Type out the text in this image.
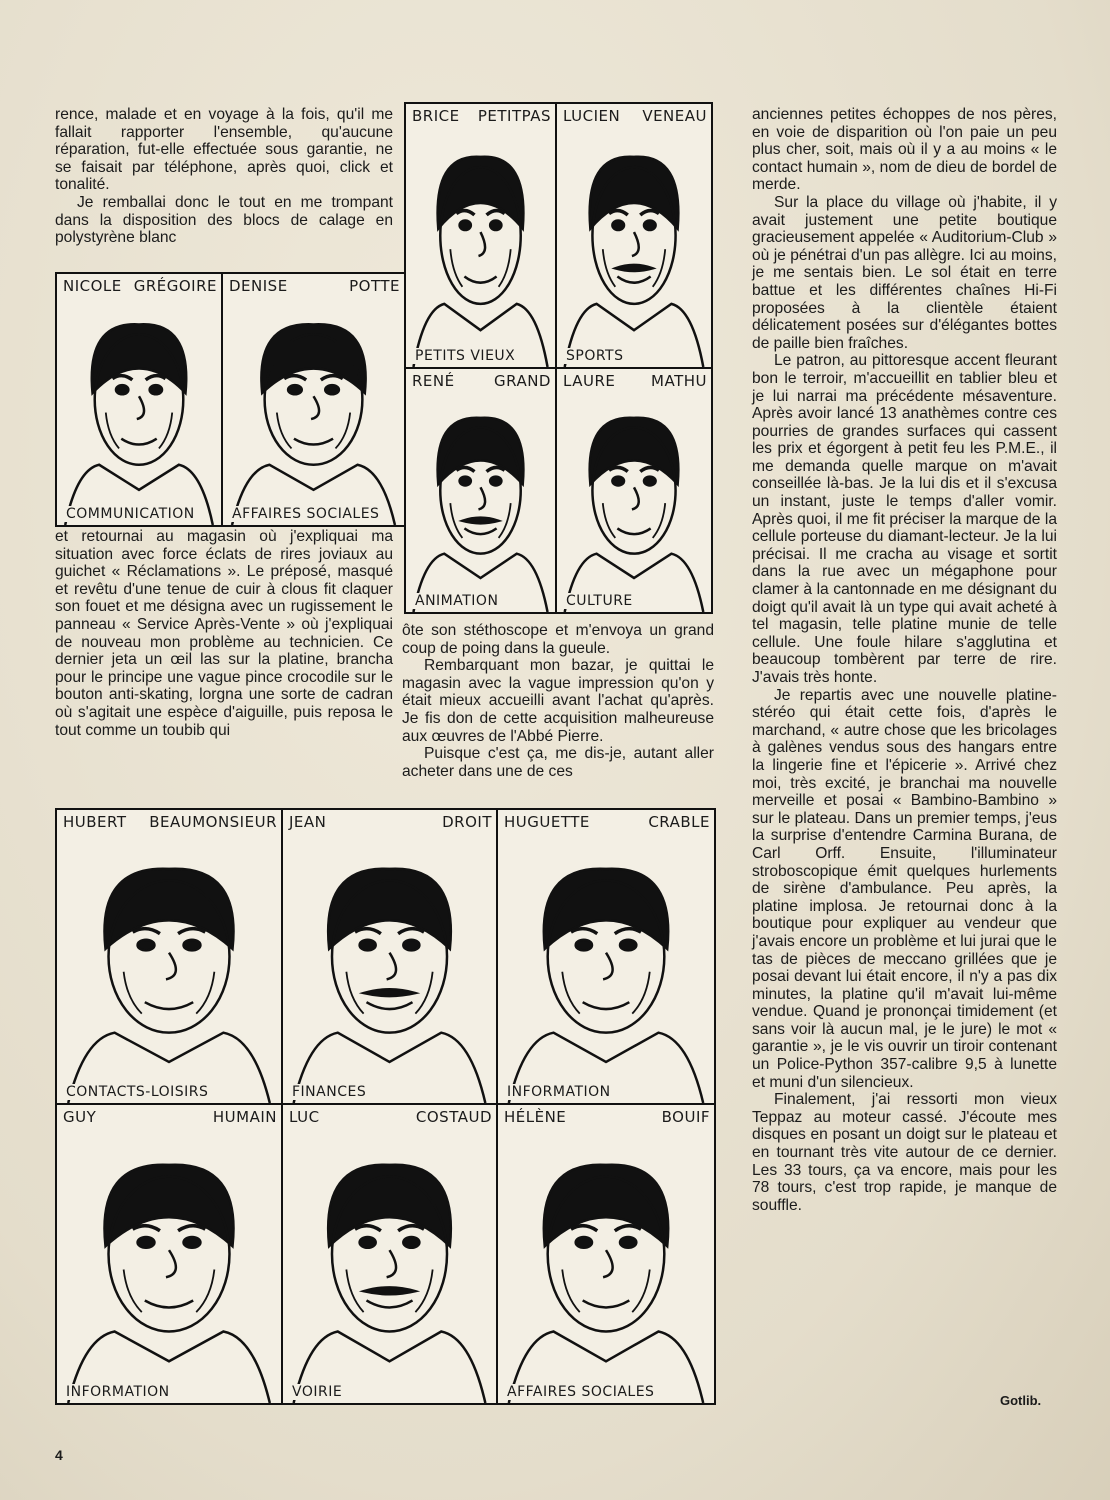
rence, malade et en voyage à la fois, qu'il me fallait rapporter l'ensemble, qu'aucune réparation, fut-elle effectuée sous garantie, ne se faisait par téléphone, après quoi, click et tonalité.

Je remballai donc le tout en me trompant dans la disposition des blocs de calage en polystyrène blanc

et retournai au magasin où j'expliquai ma situation avec force éclats de rires joviaux au guichet « Réclamations ». Le préposé, masqué et revêtu d'une tenue de cuir à clous fit claquer son fouet et me désigna avec un rugissement le panneau « Service Après-Vente » où j'expliquai de nouveau mon problème au technicien. Ce dernier jeta un œil las sur la platine, brancha pour le principe une vague pince crocodile sur le bouton anti-skating, lorgna une sorte de cadran où s'agitait une espèce d'aiguille, puis reposa le tout comme un toubib qui

ôte son stéthoscope et m'envoya un grand coup de poing dans la gueule.

Rembarquant mon bazar, je quittai le magasin avec la vague impression qu'on y était mieux accueilli avant l'achat qu'après. Je fis don de cette acquisition malheureuse aux œuvres de l'Abbé Pierre.

Puisque c'est ça, me dis-je, autant aller acheter dans une de ces

anciennes petites échoppes de nos pères, en voie de disparition où l'on paie un peu plus cher, soit, mais où il y a au moins « le contact humain », nom de dieu de bordel de merde.

Sur la place du village où j'habite, il y avait justement une petite boutique gracieusement appelée « Auditorium-Club » où je pénétrai d'un pas allègre. Ici au moins, je me sentais bien. Le sol était en terre battue et les différentes chaînes Hi-Fi proposées à la clientèle étaient délicatement posées sur d'élégantes bottes de paille bien fraîches.

Le patron, au pittoresque accent fleurant bon le terroir, m'accueillit en tablier bleu et je lui narrai ma précédente mésaventure. Après avoir lancé 13 anathèmes contre ces pourries de grandes surfaces qui cassent les prix et égorgent à petit feu les P.M.E., il me demanda quelle marque on m'avait conseillée là-bas. Je la lui dis et il s'excusa un instant, juste le temps d'aller vomir. Après quoi, il me fit préciser la marque de la cellule porteuse du diamant-lecteur. Je la lui précisai. Il me cracha au visage et sortit dans la rue avec un mégaphone pour clamer à la cantonnade en me désignant du doigt qu'il avait là un type qui avait acheté à tel magasin, telle platine munie de telle cellule. Une foule hilare s'agglutina et beaucoup tombèrent par terre de rire. J'avais très honte.

Je repartis avec une nouvelle platine-stéréo qui était cette fois, d'après le marchand, « autre chose que les bricolages à galènes vendus sous des hangars entre la lingerie fine et l'épicerie ». Arrivé chez moi, très excité, je branchai ma nouvelle merveille et posai « Bambino-Bambino » sur le plateau. Dans un premier temps, j'eus la surprise d'entendre Carmina Burana, de Carl Orff. Ensuite, l'illuminateur stroboscopique émit quelques hurlements de sirène d'ambulance. Peu après, la platine implosa. Je retournai donc à la boutique pour expliquer au vendeur que j'avais encore un problème et lui jurai que le tas de pièces de meccano grillées que je posai devant lui était encore, il n'y a pas dix minutes, la platine qu'il m'avait lui-même vendue. Quand je prononçai timidement (et sans voir là aucun mal, je le jure) le mot « garantie », je le vis ouvrir un tiroir contenant un Police-Python 357-calibre 9,5 à lunette et muni d'un silencieux.

Finalement, j'ai ressorti mon vieux Teppaz au moteur cassé. J'écoute mes disques en posant un doigt sur le plateau et en tournant très vite autour de ce dernier. Les 33 tours, ça va encore, mais pour les 78 tours, c'est trop rapide, je manque de souffle.

Gotlib.
4
BRICE PETITPAS
PETITS VIEUX
LUCIEN VENEAU
SPORTS
NICOLE GRÉGOIRE
COMMUNICATION
DENISE	POTTE
AFFAIRES SOCIALES
RENÉ	GRAND
ANIMATION
LAURE MATHU
CULTURE
HUBERT BEAUMONSIEUR
CONTACTS-LOISIRS
JEAN	DROIT
FINANCES
HUGUETTE	CRABLE
INFORMATION
GUY	HUMAIN
INFORMATION
LUC	COSTAUD
VOIRIE
HÉLÈNE	BOUIF
AFFAIRES SOCIALES
